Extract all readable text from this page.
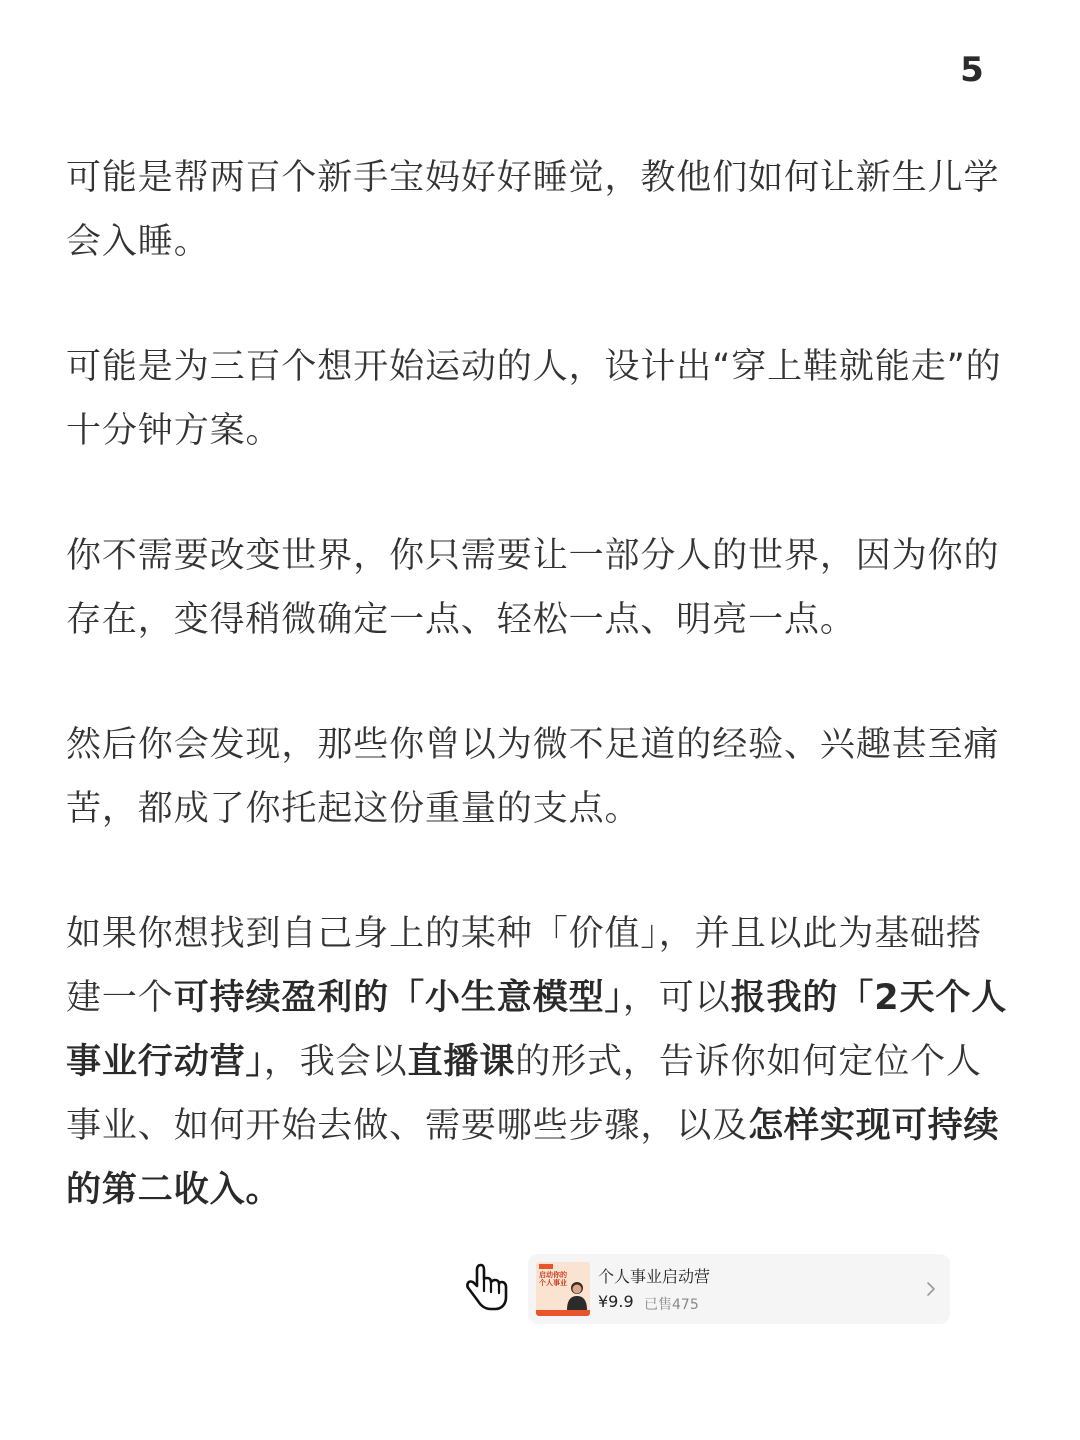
5

可能是帮两百个新手宝妈好好睡觉，教他们如何让新生儿学会入睡。

可能是为三百个想开始运动的人，设计出“穿上鞋就能走”的十分钟方案。

你不需要改变世界，你只需要让一部分人的世界，因为你的存在，变得稍微确定一点、轻松一点、明亮一点。

然后你会发现，那些你曾以为微不足道的经验、兴趣甚至痛苦，都成了你托起这份重量的支点。

如果你想找到自己身上的某种「价值」，并且以此为基础搭建一个可持续盈利的「小生意模型」，可以报我的「2天个人事业行动营」，我会以直播课的形式，告诉你如何定位个人事业、如何开始去做、需要哪些步骤，以及怎样实现可持续的第二收入。

启动你的个人事业 个人事业启动营
¥9.9 已售475
